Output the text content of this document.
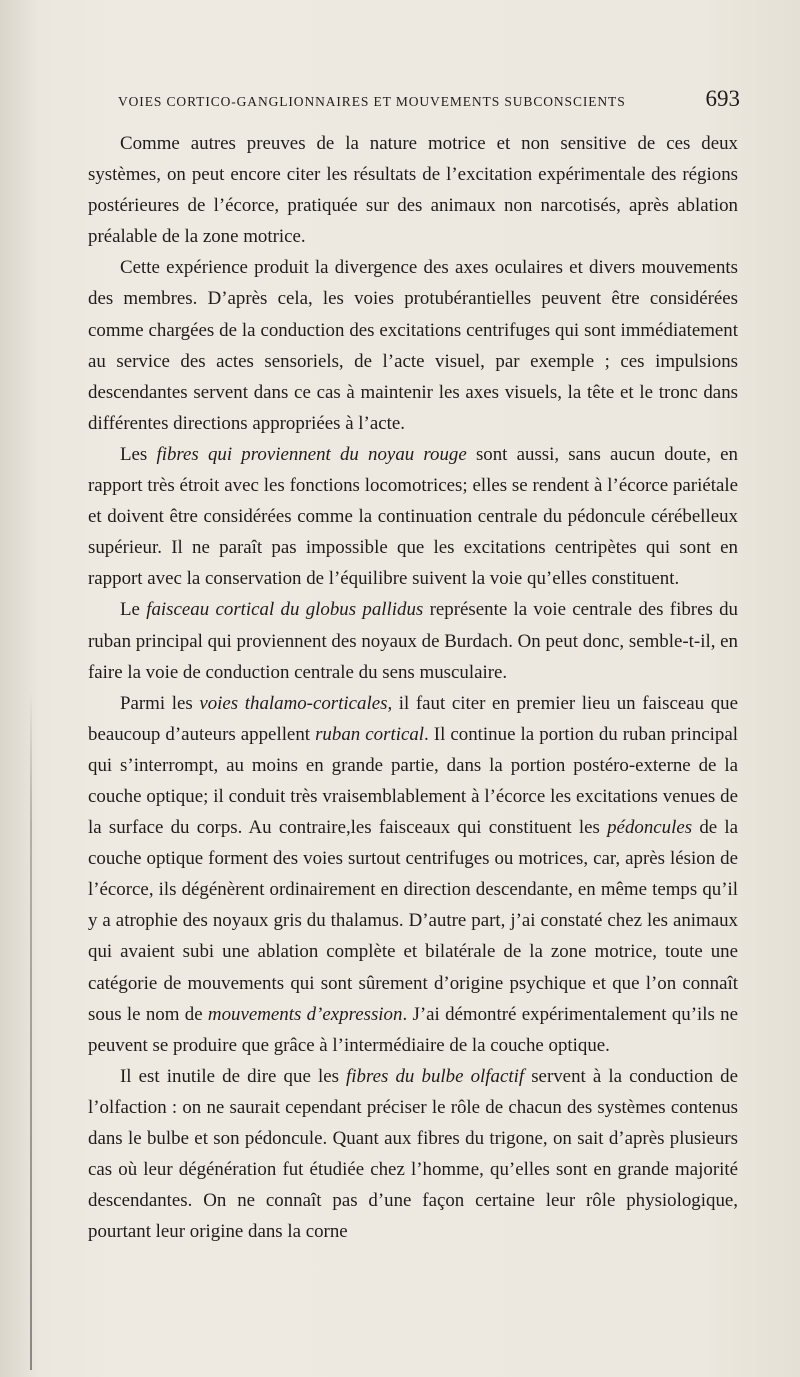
VOIES CORTICO-GANGLIONNAIRES ET MOUVEMENTS SUBCONSCIENTS	693

Comme autres preuves de la nature motrice et non sensitive de ces deux systèmes, on peut encore citer les résultats de l’excitation expérimentale des régions postérieures de l’écorce, pratiquée sur des animaux non narcotisés, après ablation préalable de la zone motrice.

Cette expérience produit la divergence des axes oculaires et divers mouvements des membres. D’après cela, les voies protubérantielles peuvent être considérées comme chargées de la conduction des excitations centrifuges qui sont immédiatement au service des actes sensoriels, de l’acte visuel, par exemple ; ces impulsions descendantes servent dans ce cas à maintenir les axes visuels, la tête et le tronc dans différentes directions appropriées à l’acte.

Les fibres qui proviennent du noyau rouge sont aussi, sans aucun doute, en rapport très étroit avec les fonctions locomotrices; elles se rendent à l’écorce pariétale et doivent être considérées comme la continuation centrale du pédoncule cérébelleux supérieur. Il ne paraît pas impossible que les excitations centripètes qui sont en rapport avec la conservation de l’équilibre suivent la voie qu’elles constituent.

Le faisceau cortical du globus pallidus représente la voie centrale des fibres du ruban principal qui proviennent des noyaux de Burdach. On peut donc, semble-t-il, en faire la voie de conduction centrale du sens musculaire.

Parmi les voies thalamo-corticales, il faut citer en premier lieu un faisceau que beaucoup d’auteurs appellent ruban cortical. Il continue la portion du ruban principal qui s’interrompt, au moins en grande partie, dans la portion postéro-externe de la couche optique; il conduit très vraisemblablement à l’écorce les excitations venues de la surface du corps. Au contraire,les faisceaux qui constituent les pédoncules de la couche optique forment des voies surtout centrifuges ou motrices, car, après lésion de l’écorce, ils dégénèrent ordinairement en direction descendante, en même temps qu’il y a atrophie des noyaux gris du thalamus. D’autre part, j’ai constaté chez les animaux qui avaient subi une ablation complète et bilatérale de la zone motrice, toute une catégorie de mouvements qui sont sûrement d’origine psychique et que l’on connaît sous le nom de mouvements d’expression. J’ai démontré expérimentalement qu’ils ne peuvent se produire que grâce à l’intermédiaire de la couche optique.

Il est inutile de dire que les fibres du bulbe olfactif servent à la conduction de l’olfaction : on ne saurait cependant préciser le rôle de chacun des systèmes contenus dans le bulbe et son pédoncule. Quant aux fibres du trigone, on sait d’après plusieurs cas où leur dégénération fut étudiée chez l’homme, qu’elles sont en grande majorité descendantes. On ne connaît pas d’une façon certaine leur rôle physiologique, pourtant leur origine dans la corne
